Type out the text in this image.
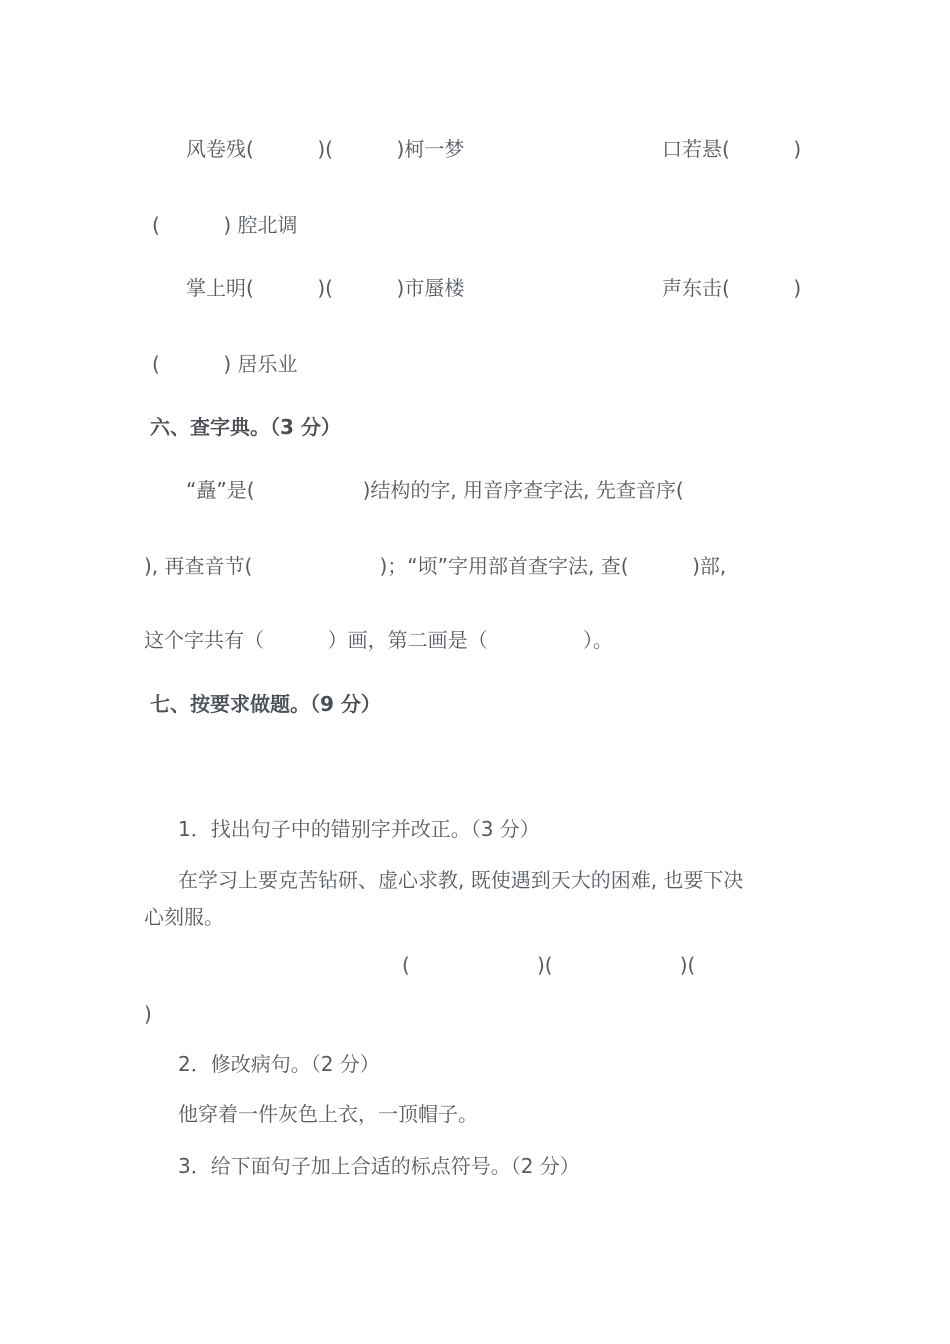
风卷残(          )(          )柯一梦	口若悬(          )
(          ) 腔北调
掌上明(          )(          )市蜃楼	声东击(          )
(          ) 居乐业
六、查字典。（3 分）
“矗”是(                 )结构的字, 用音序查字法, 先查音序(
), 再查音节(                    )；“顷”字用部首查字法, 查(          )部,
这个字共有（          ）画，第二画是（               ）。
七、按要求做题。（9 分）
1．找出句子中的错别字并改正。（3 分）
在学习上要克苦钻研、虚心求教, 既使遇到天大的困难, 也要下决
心刻服。
(                    )(                    )(
)
2．修改病句。（2 分）
他穿着一件灰色上衣，一顶帽子。
3．给下面句子加上合适的标点符号。（2 分）
